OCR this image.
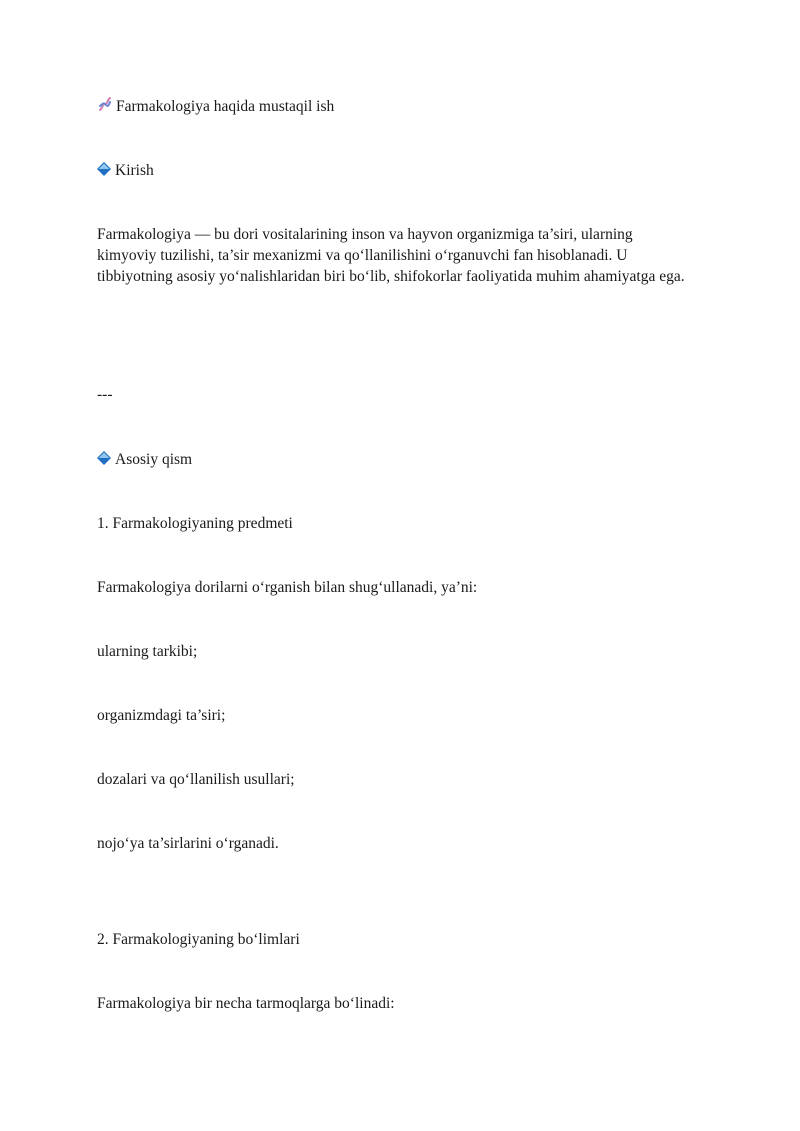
Farmakologiya haqida mustaqil ish
Kirish
Farmakologiya — bu dori vositalarining inson va hayvon organizmiga ta’siri, ularning kimyoviy tuzilishi, ta’sir mexanizmi va qo‘llanilishini o‘rganuvchi fan hisoblanadi. U tibbiyotning asosiy yo‘nalishlaridan biri bo‘lib, shifokorlar faoliyatida muhim ahamiyatga ega.
---
Asosiy qism
1. Farmakologiyaning predmeti
Farmakologiya dorilarni o‘rganish bilan shug‘ullanadi, ya’ni:
ularning tarkibi;
organizmdagi ta’siri;
dozalari va qo‘llanilish usullari;
nojo‘ya ta’sirlarini o‘rganadi.
2. Farmakologiyaning bo‘limlari
Farmakologiya bir necha tarmoqlarga bo‘linadi:
